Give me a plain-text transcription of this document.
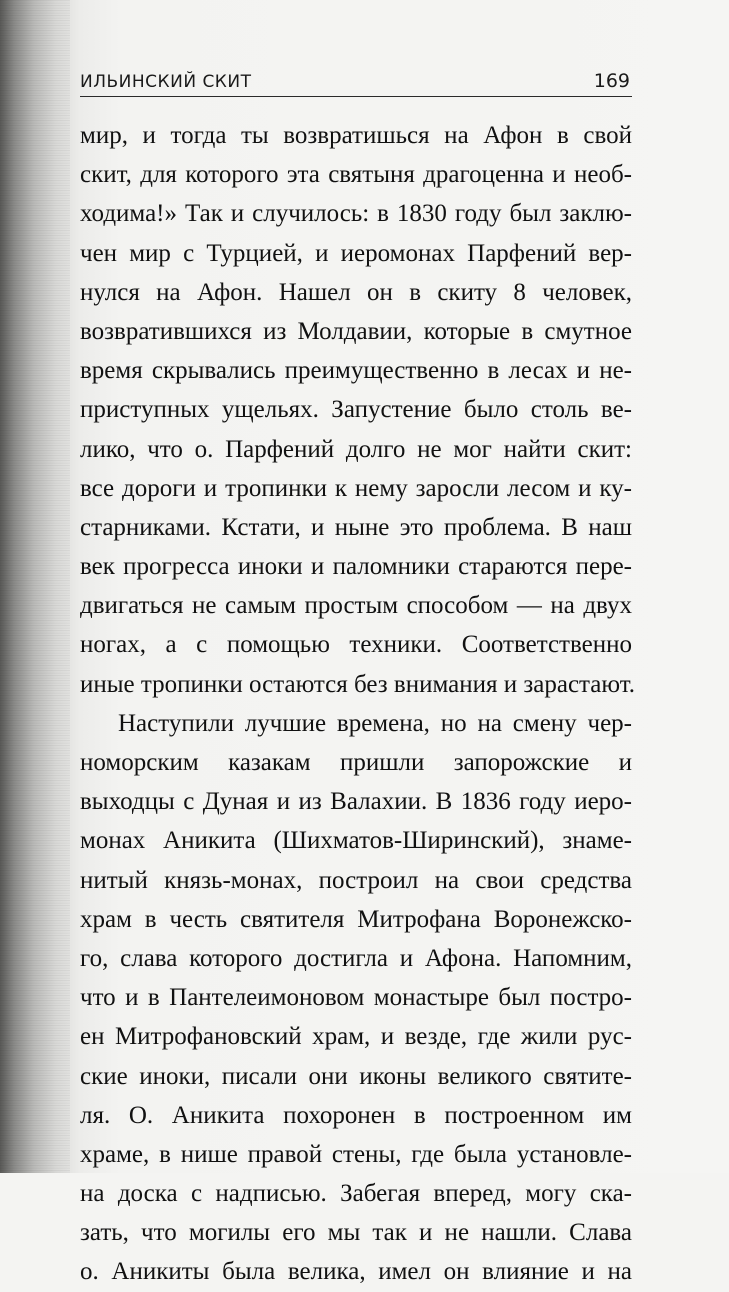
ИЛЬИНСКИЙ СКИТ	169
мир, и тогда ты возвратишься на Афон в свой
скит, для которого эта святыня драгоценна и необ-
ходима!» Так и случилось: в 1830 году был заклю-
чен мир с Турцией, и иеромонах Парфений вер-
нулся на Афон. Нашел он в скиту 8 человек,
возвратившихся из Молдавии, которые в смутное
время скрывались преимущественно в лесах и не-
приступных ущельях. Запустение было столь ве-
лико, что о. Парфений долго не мог найти скит:
все дороги и тропинки к нему заросли лесом и ку-
старниками. Кстати, и ныне это проблема. В наш
век прогресса иноки и паломники стараются пере-
двигаться не самым простым способом — на двух
ногах, а с помощью техники. Соответственно
иные тропинки остаются без внимания и зарастают.
Наступили лучшие времена, но на смену чер-
номорским казакам пришли запорожские и
выходцы с Дуная и из Валахии. В 1836 году иеро-
монах Аникита (Шихматов-Ширинский), знаме-
нитый князь-монах, построил на свои средства
храм в честь святителя Митрофана Воронежско-
го, слава которого достигла и Афона. Напомним,
что и в Пантелеимоновом монастыре был постро-
ен Митрофановский храм, и везде, где жили рус-
ские иноки, писали они иконы великого святите-
ля. О. Аникита похоронен в построенном им
храме, в нише правой стены, где была установле-
на доска с надписью. Забегая вперед, могу ска-
зать, что могилы его мы так и не нашли. Слава
о. Аникиты была велика, имел он влияние и на
